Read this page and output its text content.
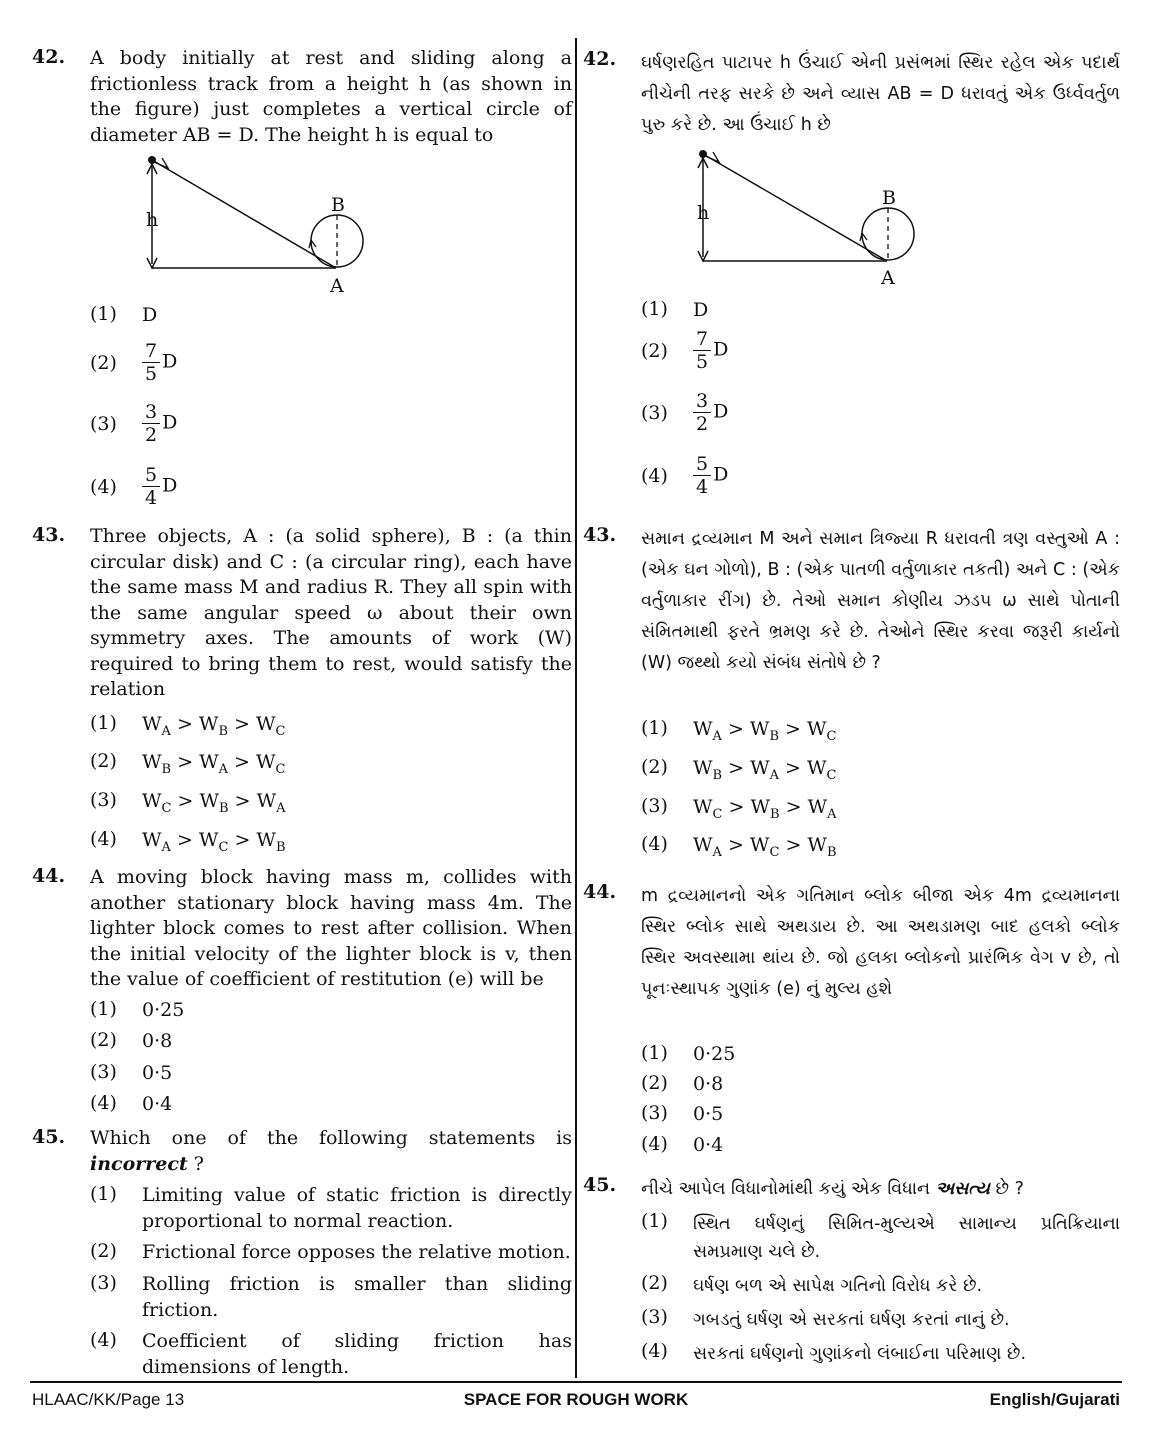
42.	A body initially at rest and sliding along a frictionless track from a height h (as shown in the figure) just completes a vertical circle of diameter AB = D. The height h is equal to
h
B
A
(1) D
$(2) \frac{7}{5}$ D
$(3) \frac{3}{2}$ D
$(4) \frac{5}{4}$ D
43.	Three objects, A : (a solid sphere), B : (a thin circular disk) and C : (a circular ring), each have the same mass M and radius R. They all spin with the same angular speed ω about their own symmetry axes. The amounts of work (W) required to bring them to rest, would satisfy the relation
(1) $W_A > W_B > W_C$
(2) $W_B > W_A > W_C$
(3) $W_C > W_B > W_A$
(4) $W_A > W_C > W_B$
44.	A moving block having mass m, collides with another stationary block having mass 4m. The lighter block comes to rest after collision. When the initial velocity of the lighter block is v, then the value of coefficient of restitution (e) will be
(1) 0·25
(2) 0·8
(3) 0·5
(4) 0·4
45.	Which one of the following statements is incorrect ?
(1) Limiting value of static friction is directly proportional to normal reaction.
(2) Frictional force opposes the relative motion.
(3) Rolling friction is smaller than sliding friction.
(4) Coefficient of sliding friction has dimensions of length.
42.	ઘર્ષણરહિત પાટાપર h ઉંચાઈ એની પ્રસંભમાં સ્થિર રહેલ એક પદાર્થ નીચેની તરફ સરકે છે અને વ્યાસ AB = D ધરાવતું એક ઉર્ધ્વવર્તુળ પુરુ કરે છે. આ ઉંચાઈ h છે
h
B
A
(1) D
$(2) \frac{7}{5}$ D
$(3) \frac{3}{2}$ D
$(4) \frac{5}{4}$ D
43.	સમાન દ્રવ્યમાન M અને સમાન ત્રિજ્યા R ધરાવતી ત્રણ વસ્તુઓ A : (એક ઘન ગોળો), B : (એક પાતળી વર્તુળાકાર તકતી) અને C : (એક વર્તુળાકાર રીંગ) છે. તેઓ સમાન કોણીય ઝડપ ω સાથે પોતાની સંમિતમાથી ફરતે ભ્રમણ કરે છે. તેઓને સ્થિર કરવા જરૂરી કાર્યનો (W) જથ્થો કયો સંબંધ સંતોષે છે ?
(1) $W_A > W_B > W_C$
(2) $W_B > W_A > W_C$
(3) $W_C > W_B > W_A$
(4) $W_A > W_C > W_B$
44.	m દ્રવ્યમાનનો એક ગતિમાન બ્લોક બીજા એક 4m દ્રવ્યમાનના સ્થિર બ્લોક સાથે અથડાય છે. આ અથડામણ બાદ હલકો બ્લોક સ્થિર અવસ્થામા થાંય છે. જો હલકા બ્લોકનો પ્રારંભિક વેગ v છે, તો પૂનઃસ્થાપક ગુણાંક (e) નું મુલ્ય હશે
(1) 0·25
(2) 0·8
(3) 0·5
(4) 0·4
45.	નીચે આપેલ વિધાનોમાંથી કયું એક વિધાન અસત્ય છે ?
(1) સ્થિત ઘર્ષણનું સિમિત-મુલ્યએ સામાન્ય પ્રતિક્રિયાના સમપ્રમાણ ચલે છે.
(2) ઘર્ષણ બળ એ સાપેક્ષ ગતિનો વિરોધ કરે છે.
(3) ગબડતું ઘર્ષણ એ સરકતાં ઘર્ષણ કરતાં નાનું છે.
(4) સરકતાં ઘર્ષણનો ગુણાંકનો લંબાઈના પરિમાણ છે.
HLAAC/KK/Page 13	SPACE FOR ROUGH WORK	English/Gujarati
